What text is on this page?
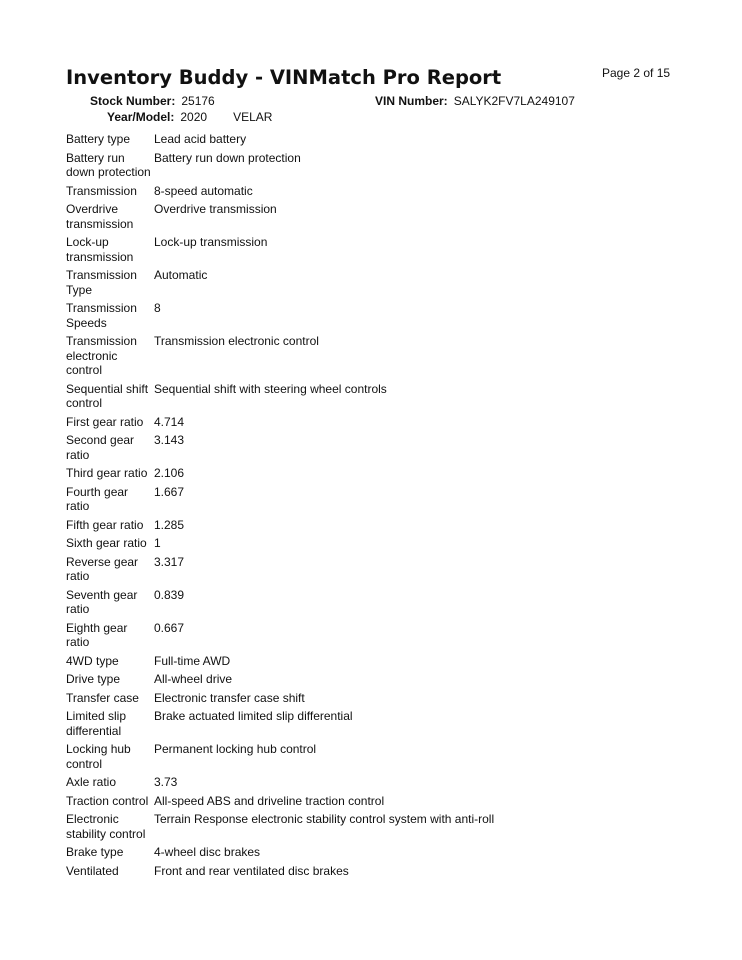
Page 2 of 15
Inventory Buddy - VINMatch Pro Report
Stock Number: 25176	VIN Number: SALYK2FV7LA249107
Year/Model: 2020 VELAR
Battery type	Lead acid battery
Battery run down protection	Battery run down protection
Transmission	8-speed automatic
Overdrive transmission	Overdrive transmission
Lock-up transmission	Lock-up transmission
Transmission Type	Automatic
Transmission Speeds	8
Transmission electronic control	Transmission electronic control
Sequential shift control	Sequential shift with steering wheel controls
First gear ratio	4.714
Second gear ratio	3.143
Third gear ratio	2.106
Fourth gear ratio	1.667
Fifth gear ratio	1.285
Sixth gear ratio	1
Reverse gear ratio	3.317
Seventh gear ratio	0.839
Eighth gear ratio	0.667
4WD type	Full-time AWD
Drive type	All-wheel drive
Transfer case	Electronic transfer case shift
Limited slip differential	Brake actuated limited slip differential
Locking hub control	Permanent locking hub control
Axle ratio	3.73
Traction control	All-speed ABS and driveline traction control
Electronic stability control	Terrain Response electronic stability control system with anti-roll
Brake type	4-wheel disc brakes
Ventilated	Front and rear ventilated disc brakes
